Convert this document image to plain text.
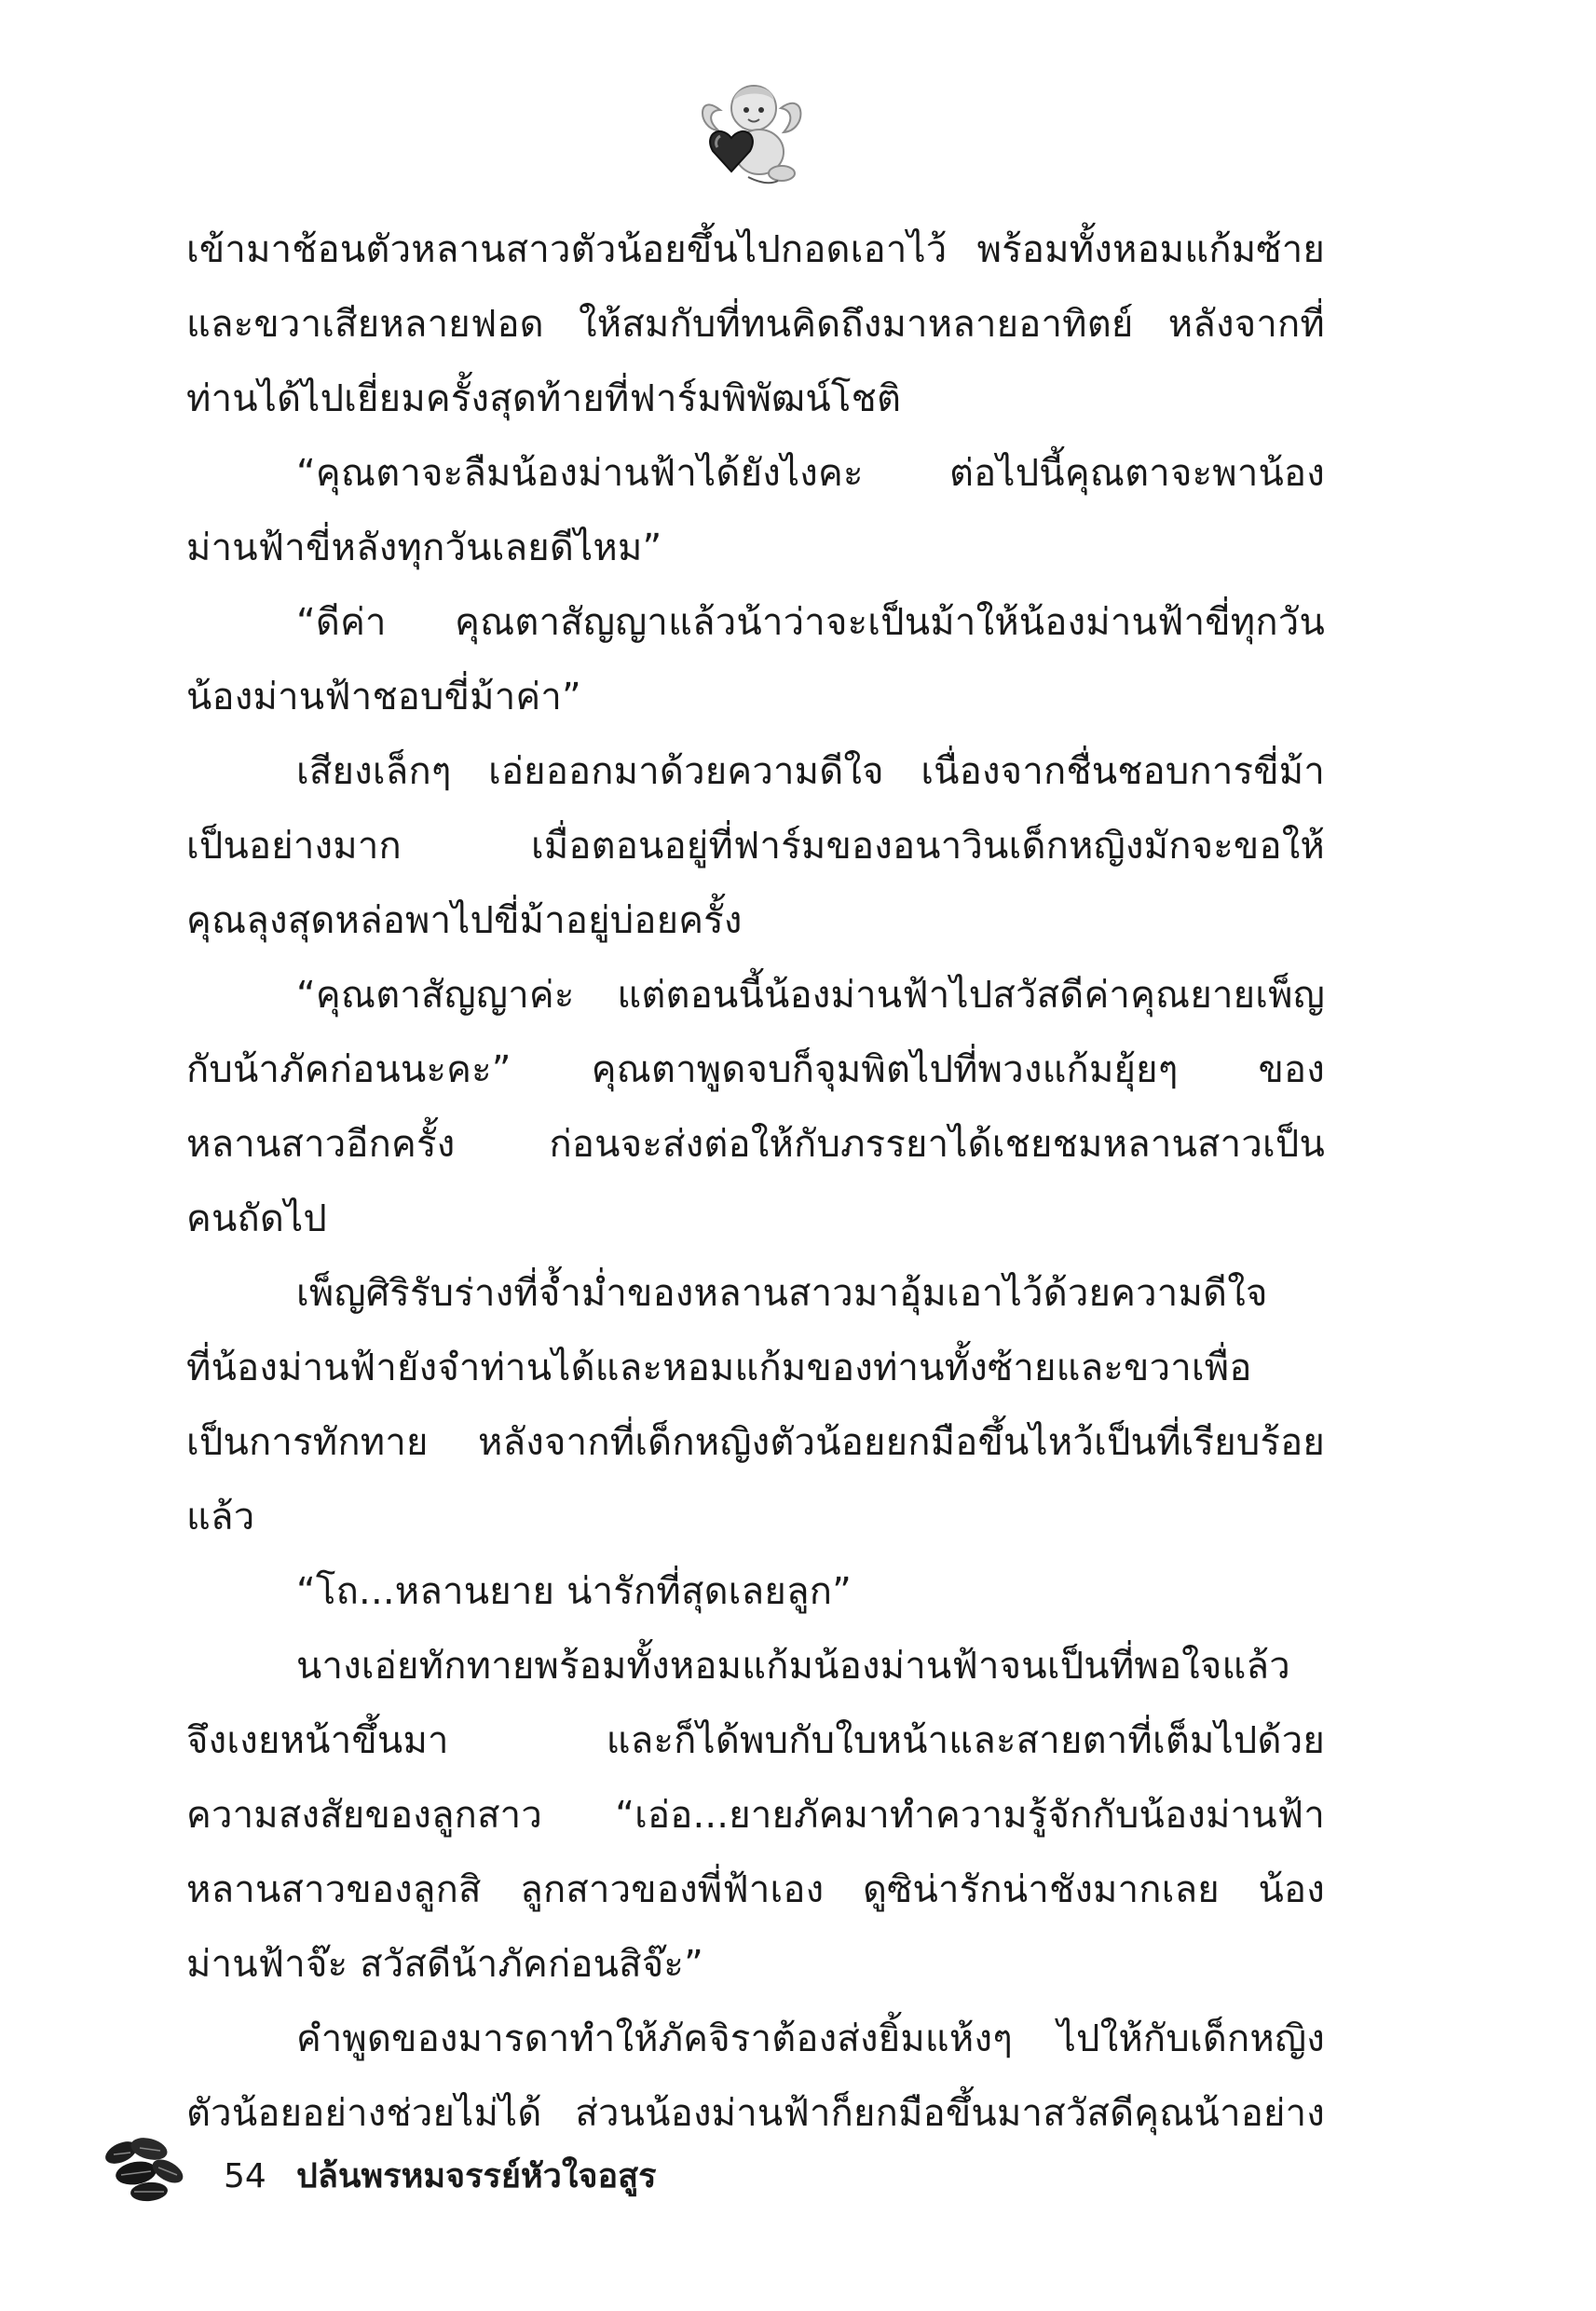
เข้ามาช้อนตัวหลานสาวตัวน้อยขึ้นไปกอดเอาไว้ พร้อมทั้งหอมแก้มซ้าย
และขวาเสียหลายฟอด ให้สมกับที่ทนคิดถึงมาหลายอาทิตย์ หลังจากที่
ท่านได้ไปเยี่ยมครั้งสุดท้ายที่ฟาร์มพิพัฒน์โชติ
“คุณตาจะลืมน้องม่านฟ้าได้ยังไงคะ ต่อไปนี้คุณตาจะพาน้อง
ม่านฟ้าขี่หลังทุกวันเลยดีไหม”
“ดีค่า คุณตาสัญญาแล้วน้าว่าจะเป็นม้าให้น้องม่านฟ้าขี่ทุกวัน
น้องม่านฟ้าชอบขี่ม้าค่า”
เสียงเล็กๆ เอ่ยออกมาด้วยความดีใจ เนื่องจากชื่นชอบการขี่ม้า
เป็นอย่างมาก เมื่อตอนอยู่ที่ฟาร์มของอนาวินเด็กหญิงมักจะขอให้
คุณลุงสุดหล่อพาไปขี่ม้าอยู่บ่อยครั้ง
“คุณตาสัญญาค่ะ แต่ตอนนี้น้องม่านฟ้าไปสวัสดีค่าคุณยายเพ็ญ
กับน้าภัคก่อนนะคะ” คุณตาพูดจบก็จุมพิตไปที่พวงแก้มยุ้ยๆ ของ
หลานสาวอีกครั้ง ก่อนจะส่งต่อให้กับภรรยาได้เชยชมหลานสาวเป็น
คนถัดไป
เพ็ญศิริรับร่างที่จ้ำม่ำของหลานสาวมาอุ้มเอาไว้ด้วยความดีใจ
ที่น้องม่านฟ้ายังจำท่านได้และหอมแก้มของท่านทั้งซ้ายและขวาเพื่อ
เป็นการทักทาย หลังจากที่เด็กหญิงตัวน้อยยกมือขึ้นไหว้เป็นที่เรียบร้อย
แล้ว
“โถ...หลานยาย น่ารักที่สุดเลยลูก”
นางเอ่ยทักทายพร้อมทั้งหอมแก้มน้องม่านฟ้าจนเป็นที่พอใจแล้ว
จึงเงยหน้าขึ้นมา และก็ได้พบกับใบหน้าและสายตาที่เต็มไปด้วย
ความสงสัยของลูกสาว “เอ่อ...ยายภัคมาทำความรู้จักกับน้องม่านฟ้า
หลานสาวของลูกสิ ลูกสาวของพี่ฟ้าเอง ดูซิน่ารักน่าชังมากเลย น้อง
ม่านฟ้าจ๊ะ สวัสดีน้าภัคก่อนสิจ๊ะ”
คำพูดของมารดาทำให้ภัคจิราต้องส่งยิ้มแห้งๆ ไปให้กับเด็กหญิง
ตัวน้อยอย่างช่วยไม่ได้ ส่วนน้องม่านฟ้าก็ยกมือขึ้นมาสวัสดีคุณน้าอย่าง
54 ปล้นพรหมจรรย์หัวใจอสูร
